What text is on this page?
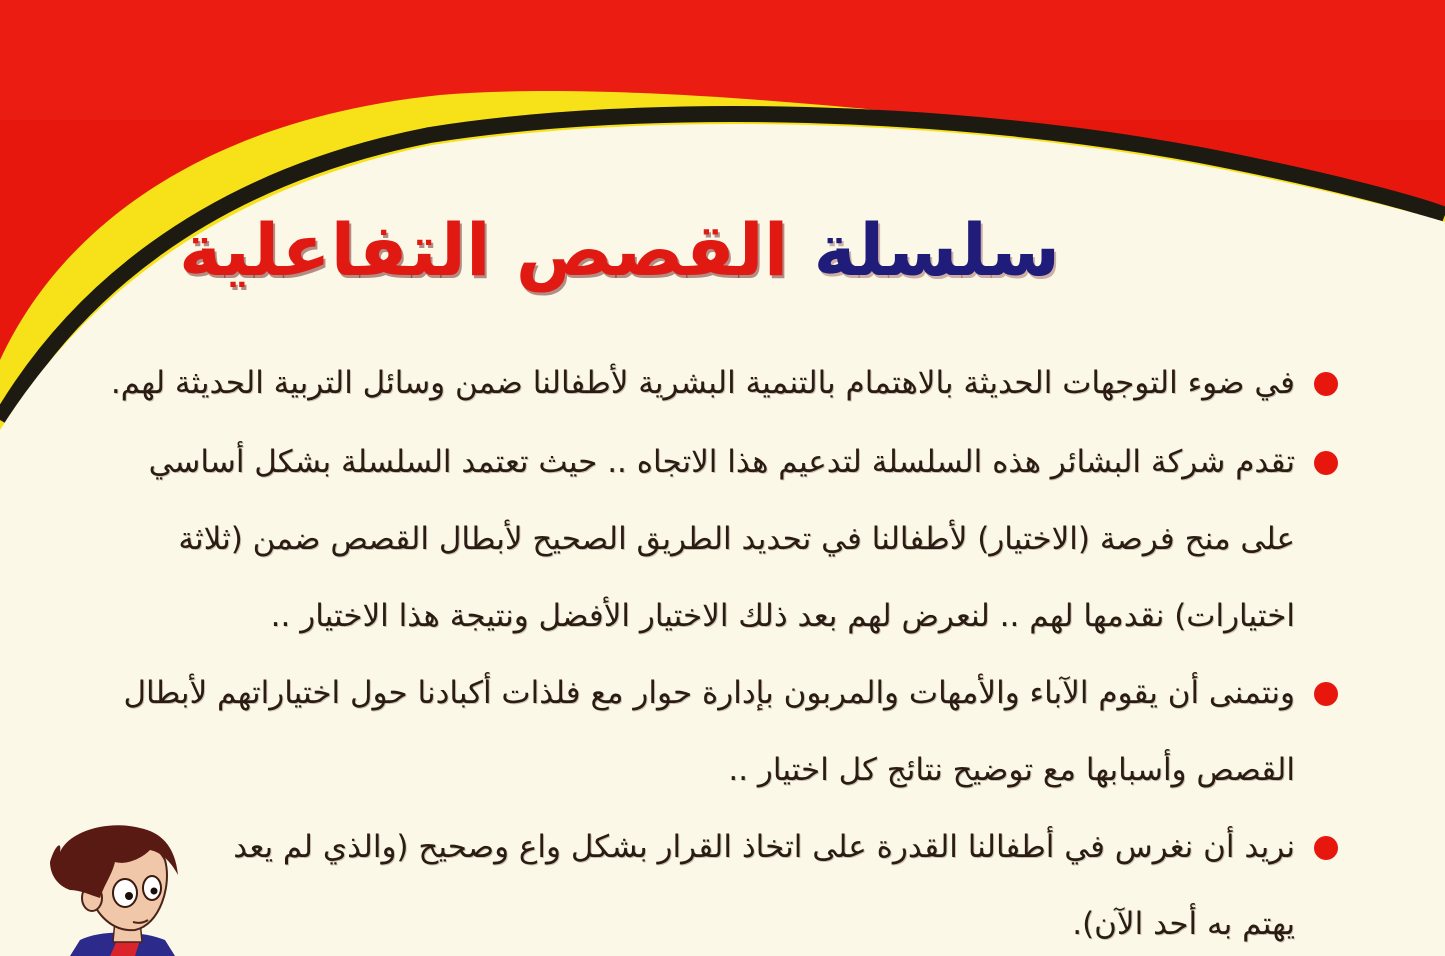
سلسلة القصص التفاعلية
في ضوء التوجهات الحديثة بالاهتمام بالتنمية البشرية لأطفالنا ضمن وسائل التربية الحديثة لهم.
تقدم شركة البشائر هذه السلسلة لتدعيم هذا الاتجاه .. حيث تعتمد السلسلة بشكل أساسي على منح فرصة (الاختيار) لأطفالنا في تحديد الطريق الصحيح لأبطال القصص ضمن (ثلاثة اختيارات) نقدمها لهم .. لنعرض لهم بعد ذلك الاختيار الأفضل ونتيجة هذا الاختيار ..
ونتمنى أن يقوم الآباء والأمهات والمربون بإدارة حوار مع فلذات أكبادنا حول اختياراتهم لأبطال القصص وأسبابها مع توضيح نتائج كل اختيار ..
نريد أن نغرس في أطفالنا القدرة على اتخاذ القرار بشكل واع وصحيح (والذي لم يعد يهتم به أحد الآن).
